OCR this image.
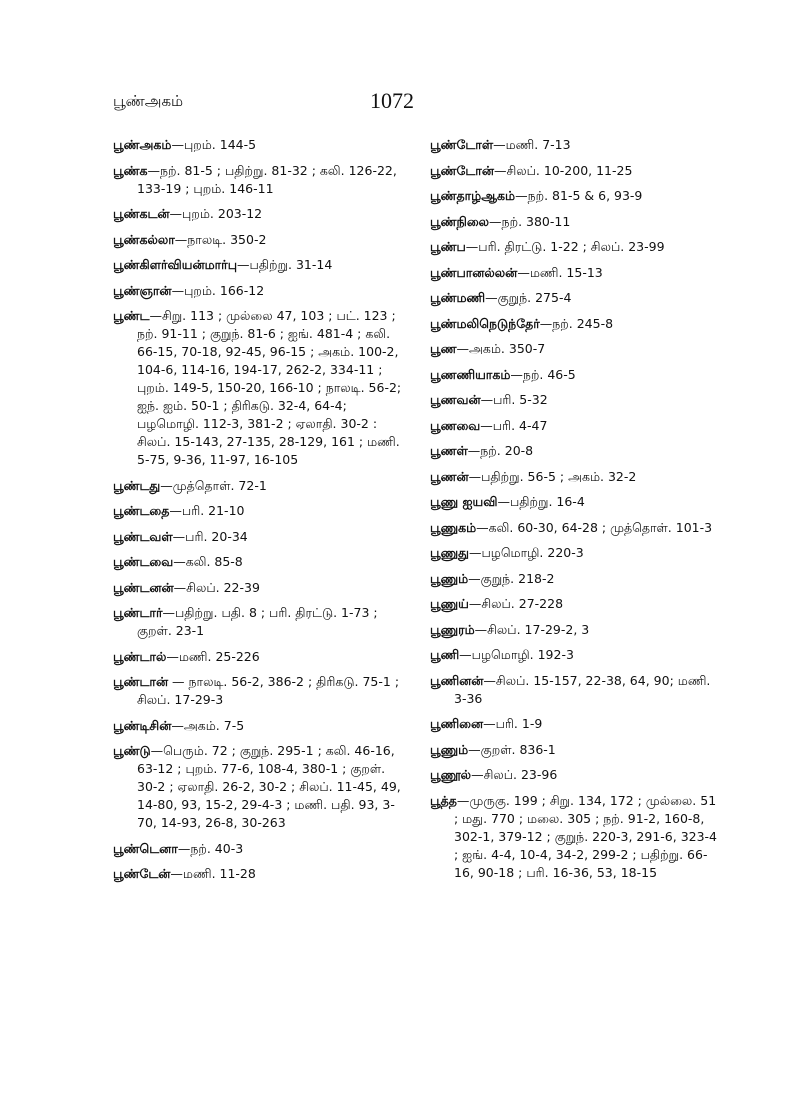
பூண்அகம்	1072
பூண்அகம்—புறம். 144-5
பூண்க—நற். 81-5 ; பதிற்று. 81-32 ; கலி. 126-22, 133-19 ; புறம். 146-11
பூண்கடன்—புறம். 203-12
பூண்கல்லா—நாலடி. 350-2
பூண்கிளர்வியன்மார்பு—பதிற்று. 31-14
பூண்ஞான்—புறம். 166-12
பூண்ட—சிறு. 113 ; முல்லை 47, 103 ; பட். 123 ; நற். 91-11 ; குறுந். 81-6 ; ஐங். 481-4 ; கலி. 66-15, 70-18, 92-45, 96-15 ; அகம். 100-2, 104-6, 114-16, 194-17, 262-2, 334-11 ; புறம். 149-5, 150-20, 166-10 ; நாலடி. 56-2; ஐந். ஐம். 50-1 ; திரிகடு. 32-4, 64-4; பழமொழி. 112-3, 381-2 ; ஏலாதி. 30-2 : சிலப். 15-143, 27-135, 28-129, 161 ; மணி. 5-75, 9-36, 11-97, 16-105
பூண்டது—முத்தொள். 72-1
பூண்டதை—பரி. 21-10
பூண்டவள்—பரி. 20-34
பூண்டவை—கலி. 85-8
பூண்டனன்—சிலப். 22-39
பூண்டார்—பதிற்று. பதி. 8 ; பரி. திரட்டு. 1-73 ; குறள். 23-1
பூண்டால்—மணி. 25-226
பூண்டான் — நாலடி. 56-2, 386-2 ; திரிகடு. 75-1 ; சிலப். 17-29-3
பூண்டிசின்—அகம். 7-5
பூண்டு—பெரும். 72 ; குறுந். 295-1 ; கலி. 46-16, 63-12 ; புறம். 77-6, 108-4, 380-1 ; குறள். 30-2 ; ஏலாதி. 26-2, 30-2 ; சிலப். 11-45, 49, 14-80, 93, 15-2, 29-4-3 ; மணி. பதி. 93, 3-70, 14-93, 26-8, 30-263
பூண்டெனா—நற். 40-3
பூண்டேன்—மணி. 11-28
பூண்டோள்—மணி. 7-13
பூண்டோன்—சிலப். 10-200, 11-25
பூண்தாழ்ஆகம்—நற். 81-5 & 6, 93-9
பூண்நிலை—நற். 380-11
பூண்ப—பரி. திரட்டு. 1-22 ; சிலப். 23-99
பூண்பானல்லன்—மணி. 15-13
பூண்மணி—குறுந். 275-4
பூண்மலிநெடுந்தேர்—நற். 245-8
பூண—அகம். 350-7
பூணணியாகம்—நற். 46-5
பூணவன்—பரி. 5-32
பூணவை—பரி. 4-47
பூணள்—நற். 20-8
பூணன்—பதிற்று. 56-5 ; அகம். 32-2
பூணு ஐயவி—பதிற்று. 16-4
பூணுகம்—கலி. 60-30, 64-28 ; முத்தொள். 101-3
பூணுது—பழமொழி. 220-3
பூணும்—குறுந். 218-2
பூணுய்—சிலப். 27-228
பூணுரம்—சிலப். 17-29-2, 3
பூணி—பழமொழி. 192-3
பூணினன்—சிலப். 15-157, 22-38, 64, 90; மணி. 3-36
பூணினை—பரி. 1-9
பூணும்—குறள். 836-1
பூணூல்—சிலப். 23-96
பூத்த—முருகு. 199 ; சிறு. 134, 172 ; முல்லை. 51 ; மது. 770 ; மலை. 305 ; நற். 91-2, 160-8, 302-1, 379-12 ; குறுந். 220-3, 291-6, 323-4 ; ஐங். 4-4, 10-4, 34-2, 299-2 ; பதிற்று. 66-16, 90-18 ; பரி. 16-36, 53, 18-15
